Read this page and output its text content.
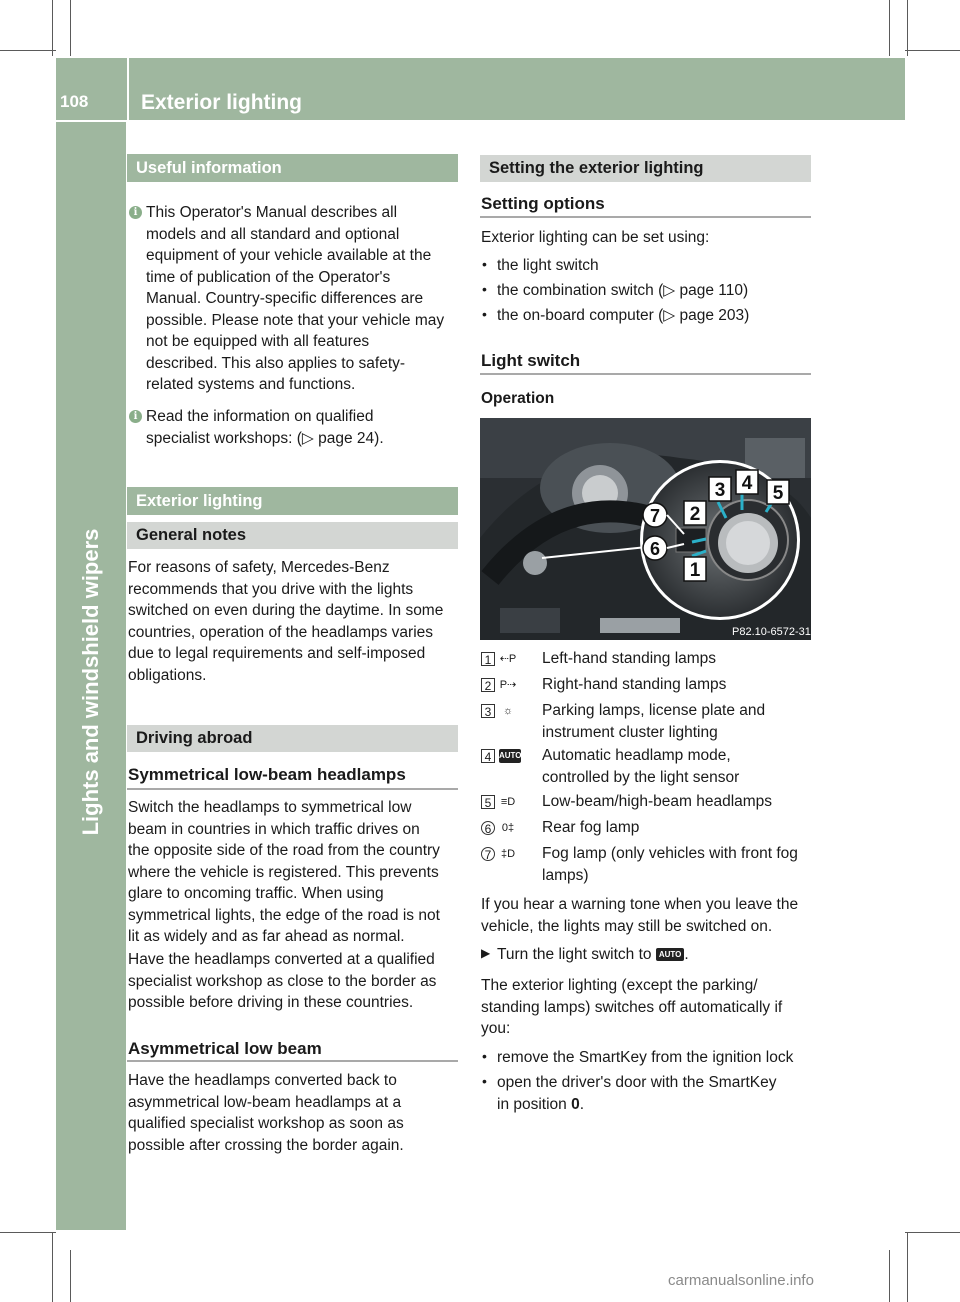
108	Exterior lighting
Lights and windshield wipers
Useful information
i This Operator's Manual describes all
models and all standard and optional
equipment of your vehicle available at the
time of publication of the Operator's
Manual. Country-specific differences are
possible. Please note that your vehicle may
not be equipped with all features
described. This also applies to safety-
related systems and functions.
i Read the information on qualified
specialist workshops: (▷ page 24).
Exterior lighting
General notes
For reasons of safety, Mercedes-Benz
recommends that you drive with the lights
switched on even during the daytime. In some
countries, operation of the headlamps varies
due to legal requirements and self-imposed
obligations.
Driving abroad
Symmetrical low-beam headlamps
Switch the headlamps to symmetrical low
beam in countries in which traffic drives on
the opposite side of the road from the country
where the vehicle is registered. This prevents
glare to oncoming traffic. When using
symmetrical lights, the edge of the road is not
lit as widely and as far ahead as normal.
Have the headlamps converted at a qualified
specialist workshop as close to the border as
possible before driving in these countries.
Asymmetrical low beam
Have the headlamps converted back to
asymmetrical low-beam headlamps at a
qualified specialist workshop as soon as
possible after crossing the border again.
Setting the exterior lighting
Setting options
Exterior lighting can be set using:
• the light switch
• the combination switch (▷ page 110)
• the on-board computer (▷ page 203)
Light switch
Operation
1
2
3 4 5
6
7
P82.10-6572-31
1 ⇠P Left-hand standing lamps
2 P⇢ Right-hand standing lamps
3	☼ Parking lamps, license plate and
instrument cluster lighting
4 AUTO Automatic headlamp mode,
controlled by the light sensor
5 ≡D Low-beam/high-beam headlamps
6 0‡ Rear fog lamp
7 ‡D Fog lamp (only vehicles with front fog
lamps)
If you hear a warning tone when you leave the
vehicle, the lights may still be switched on.
▶ Turn the light switch to AUTO .
The exterior lighting (except the parking/
standing lamps) switches off automatically if
you:
• remove the SmartKey from the ignition lock
• open the driver's door with the SmartKey
in position 0.
carmanualsonline.info
